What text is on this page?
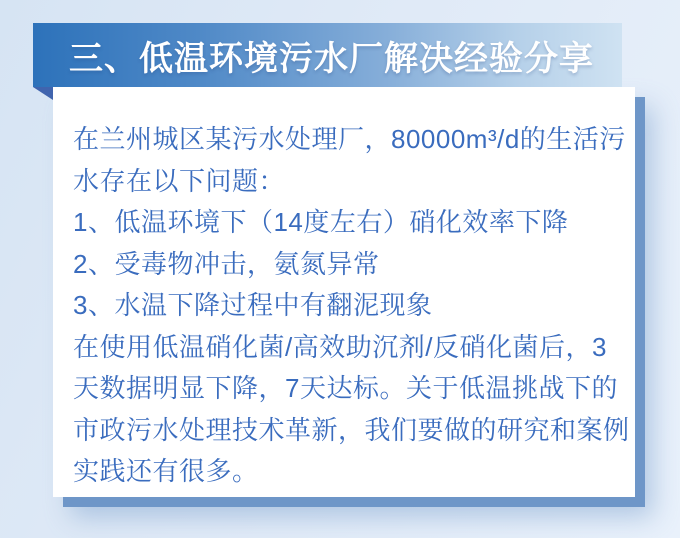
三、低温环境污水厂解决经验分享
在兰州城区某污水处理厂，80000m³/d的生活污
水存在以下问题：
1、低温环境下（14度左右）硝化效率下降
2、受毒物冲击，氨氮异常
3、水温下降过程中有翻泥现象
在使用低温硝化菌/高效助沉剂/反硝化菌后，3
天数据明显下降，7天达标。关于低温挑战下的
市政污水处理技术革新，我们要做的研究和案例
实践还有很多。
